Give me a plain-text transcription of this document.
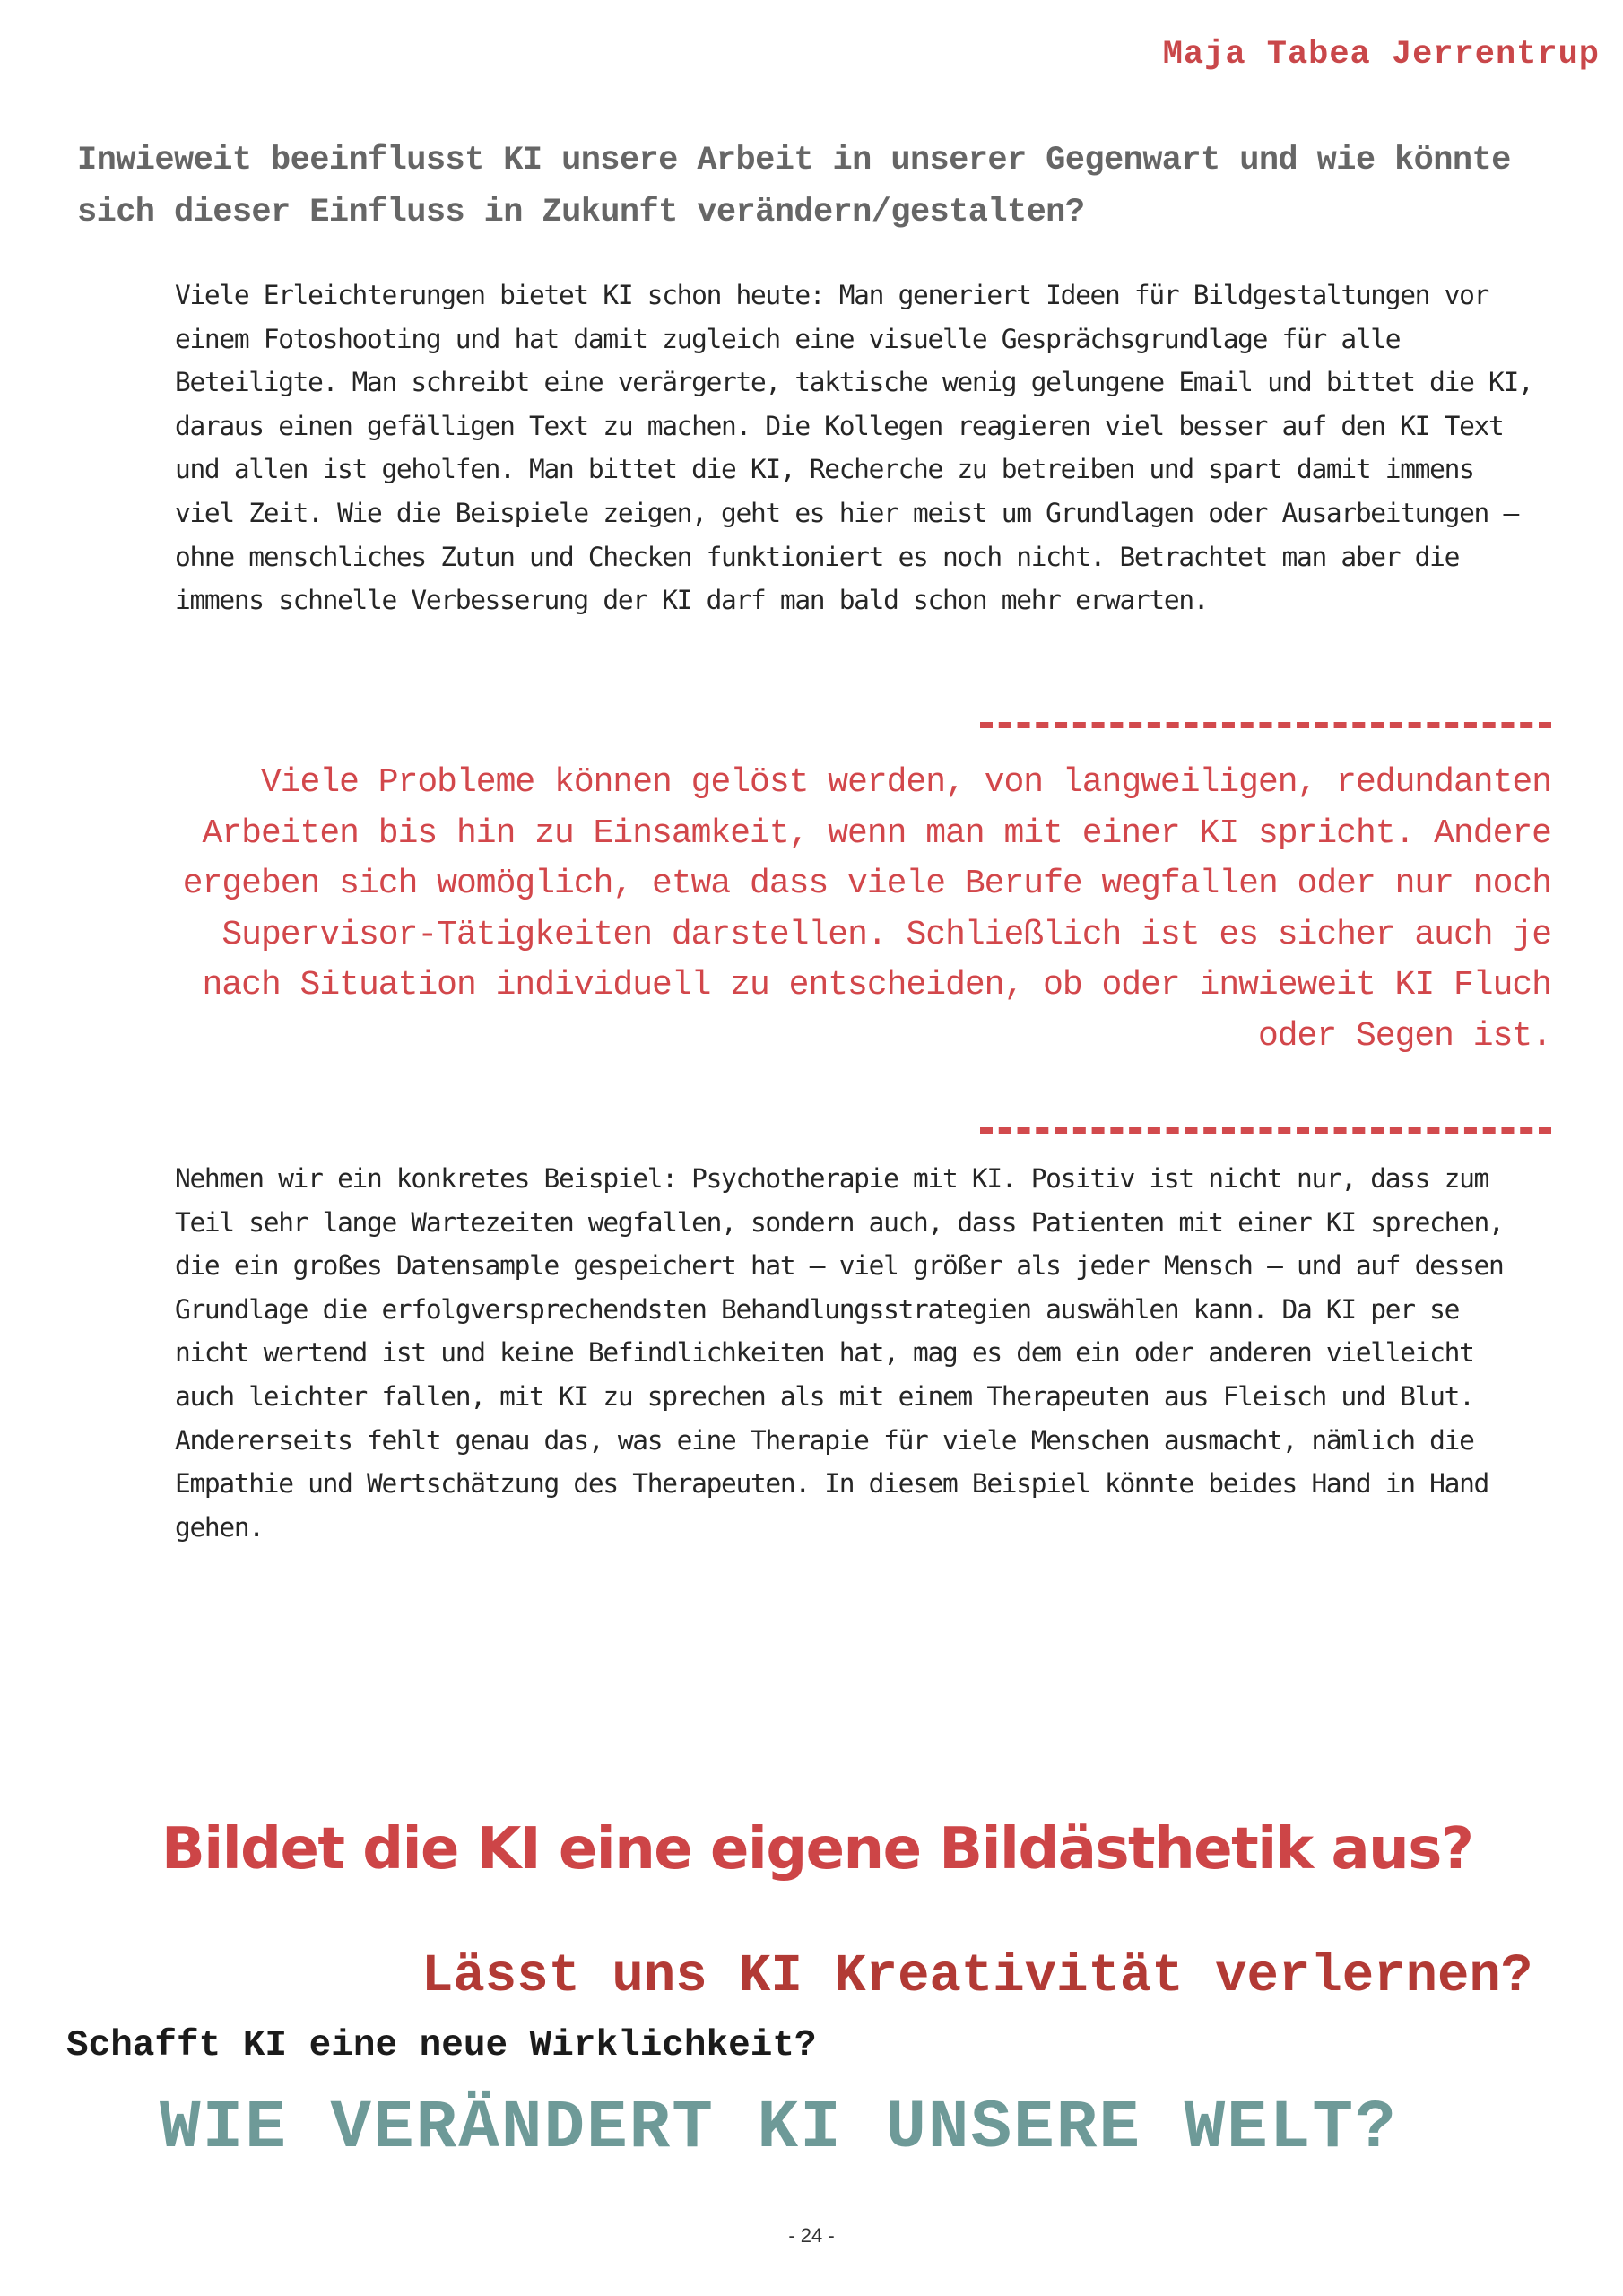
Maja Tabea Jerrentrup
Inwieweit beeinflusst KI unsere Arbeit in unserer Gegenwart und wie könnte sich dieser Einfluss in Zukunft verändern/gestalten?

Viele Erleichterungen bietet KI schon heute: Man generiert Ideen für Bildgestaltungen vor einem Fotoshooting und hat damit zugleich eine visuelle Gesprächsgrundlage für alle Beteiligte. Man schreibt eine verärgerte, taktische wenig gelungene Email und bittet die KI, daraus einen gefälligen Text zu machen. Die Kollegen reagieren viel besser auf den KI Text und allen ist geholfen. Man bittet die KI, Recherche zu betreiben und spart damit immens viel Zeit. Wie die Beispiele zeigen, geht es hier meist um Grundlagen oder Ausarbeitungen – ohne menschliches Zutun und Checken funktioniert es noch nicht. Betrachtet man aber die immens schnelle Verbesserung der KI darf man bald schon mehr erwarten.

Viele Probleme können gelöst werden, von langweiligen, redundanten Arbeiten bis hin zu Einsamkeit, wenn man mit einer KI spricht. Andere ergeben sich womöglich, etwa dass viele Berufe wegfallen oder nur noch Supervisor-Tätigkeiten darstellen. Schließlich ist es sicher auch je nach Situation individuell zu entscheiden, ob oder inwieweit KI Fluch oder Segen ist.

Nehmen wir ein konkretes Beispiel: Psychotherapie mit KI. Positiv ist nicht nur, dass zum Teil sehr lange Wartezeiten wegfallen, sondern auch, dass Patienten mit einer KI sprechen, die ein großes Datensample gespeichert hat – viel größer als jeder Mensch – und auf dessen Grundlage die erfolgversprechendsten Behandlungsstrategien auswählen kann. Da KI per se nicht wertend ist und keine Befindlichkeiten hat, mag es dem ein oder anderen vielleicht auch leichter fallen, mit KI zu sprechen als mit einem Therapeuten aus Fleisch und Blut. Andererseits fehlt genau das, was eine Therapie für viele Menschen ausmacht, nämlich die Empathie und Wertschätzung des Therapeuten. In diesem Beispiel könnte beides Hand in Hand gehen.

Bildet die KI eine eigene Bildästhetik aus?
Lässt uns KI Kreativität verlernen?
Schafft KI eine neue Wirklichkeit?
WIE VERÄNDERT KI UNSERE WELT?
- 24 -
